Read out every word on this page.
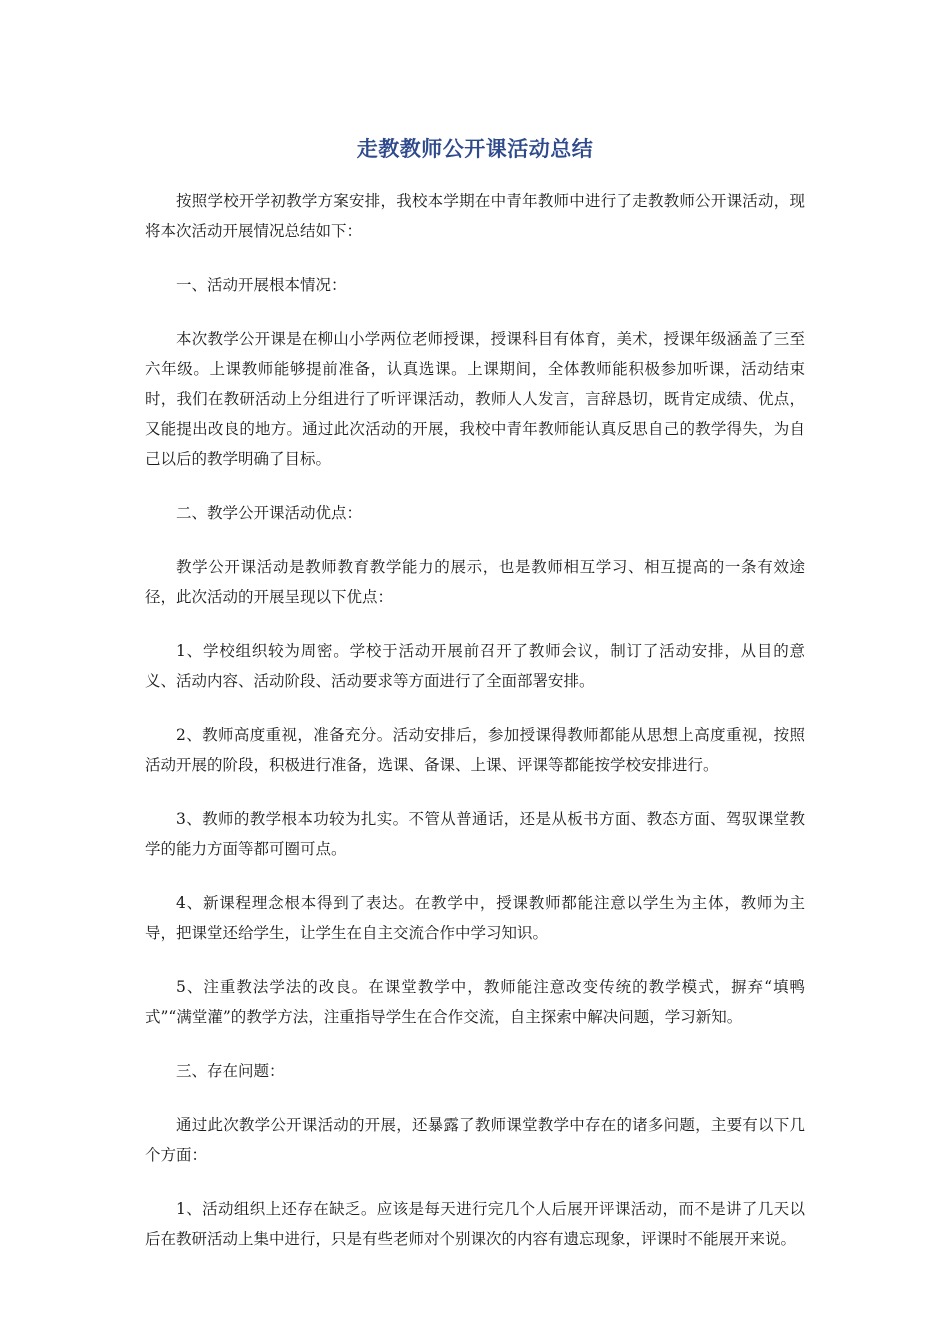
走教教师公开课活动总结

按照学校开学初教学方案安排，我校本学期在中青年教师中进行了走教教师公开课活动，现将本次活动开展情况总结如下：

一、活动开展根本情况：

本次教学公开课是在柳山小学两位老师授课，授课科目有体育，美术，授课年级涵盖了三至六年级。上课教师能够提前准备，认真选课。上课期间，全体教师能积极参加听课，活动结束时，我们在教研活动上分组进行了听评课活动，教师人人发言，言辞恳切，既肯定成绩、优点，又能提出改良的地方。通过此次活动的开展，我校中青年教师能认真反思自己的教学得失，为自己以后的教学明确了目标。

二、教学公开课活动优点：

教学公开课活动是教师教育教学能力的展示，也是教师相互学习、相互提高的一条有效途径，此次活动的开展呈现以下优点：

1、学校组织较为周密。学校于活动开展前召开了教师会议，制订了活动安排，从目的意义、活动内容、活动阶段、活动要求等方面进行了全面部署安排。

2、教师高度重视，准备充分。活动安排后，参加授课得教师都能从思想上高度重视，按照活动开展的阶段，积极进行准备，选课、备课、上课、评课等都能按学校安排进行。

3、教师的教学根本功较为扎实。不管从普通话，还是从板书方面、教态方面、驾驭课堂教学的能力方面等都可圈可点。

4、新课程理念根本得到了表达。在教学中，授课教师都能注意以学生为主体，教师为主导，把课堂还给学生，让学生在自主交流合作中学习知识。

5、注重教法学法的改良。在课堂教学中，教师能注意改变传统的教学模式，摒弃“填鸭式”“满堂灌”的教学方法，注重指导学生在合作交流，自主探索中解决问题，学习新知。

三、存在问题：

通过此次教学公开课活动的开展，还暴露了教师课堂教学中存在的诸多问题，主要有以下几个方面：

1、活动组织上还存在缺乏。应该是每天进行完几个人后展开评课活动，而不是讲了几天以后在教研活动上集中进行，只是有些老师对个别课次的内容有遗忘现象，评课时不能展开来说。
